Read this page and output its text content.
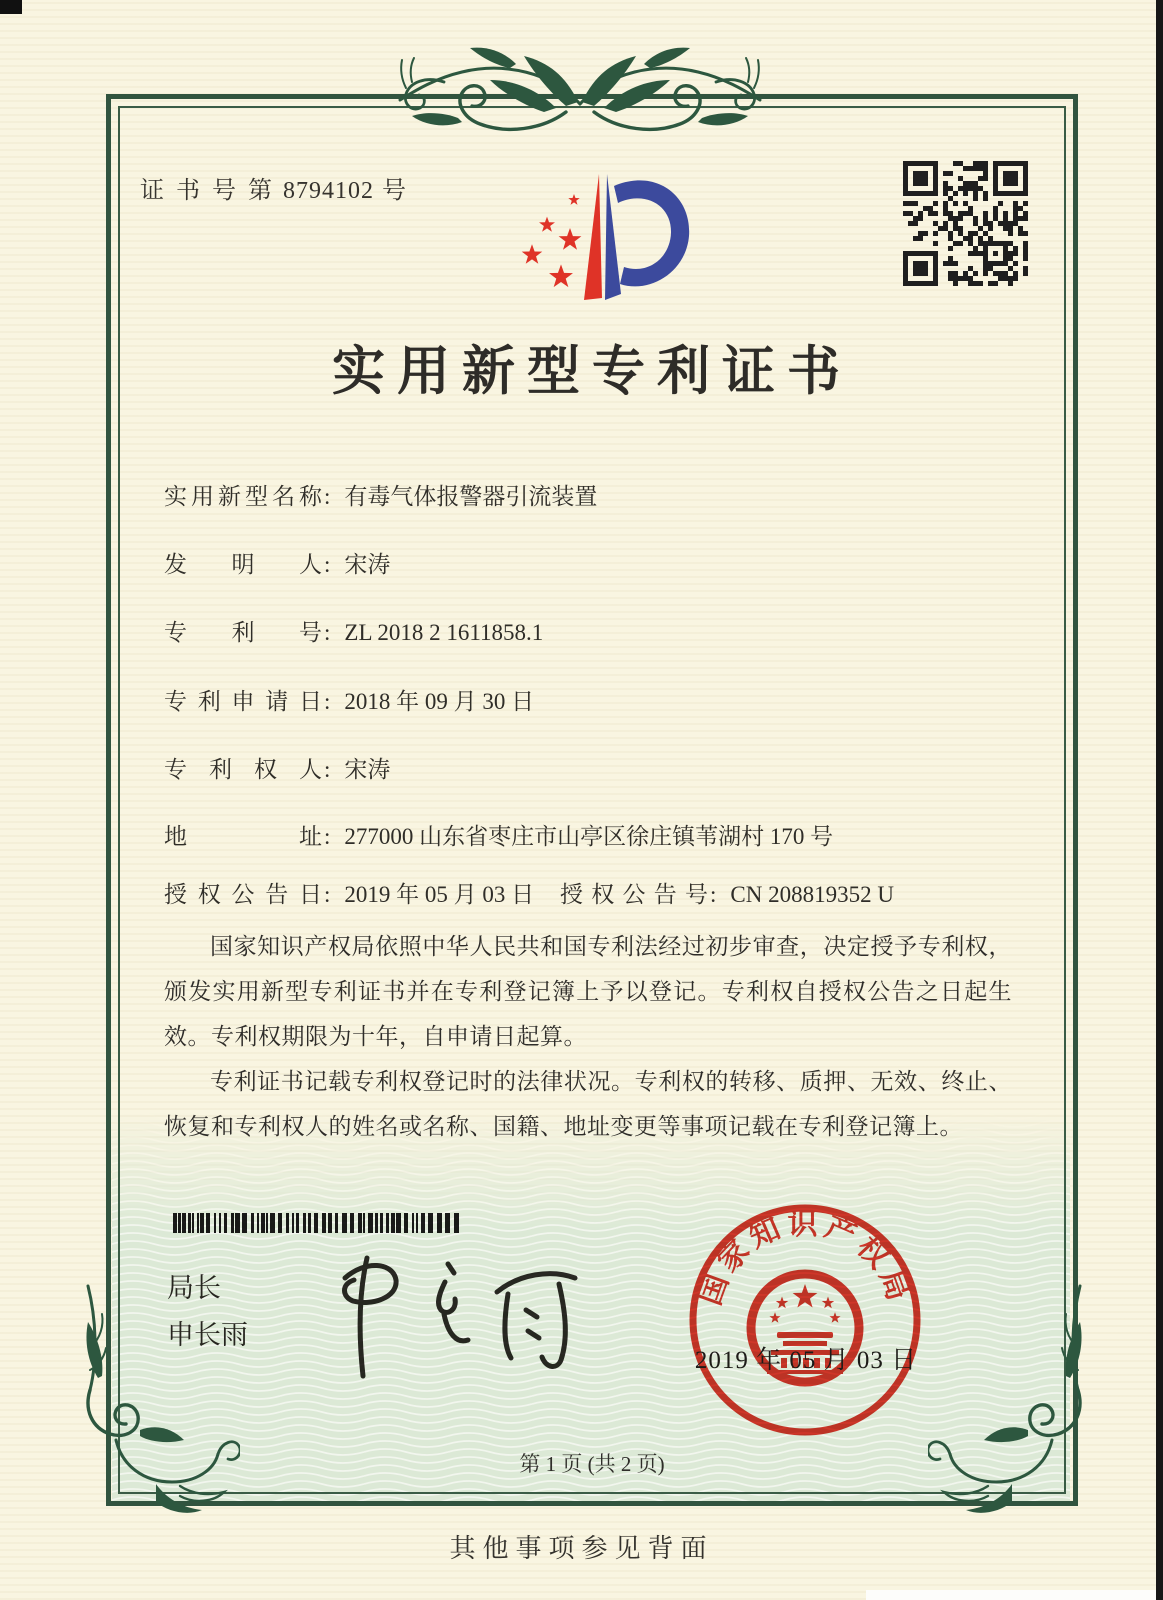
证 书 号 第 8794102 号
实用新型专利证书
实用新型名称: 有毒气体报警器引流装置
发明人: 宋涛
专利号: ZL 2018 2 1611858.1
专利申请日: 2018 年 09 月 30 日
专利权人: 宋涛
地址: 277000 山东省枣庄市山亭区徐庄镇苇湖村 170 号
授权公告日: 2019 年 05 月 03 日 授权公告号: CN 208819352 U

国家知识产权局依照中华人民共和国专利法经过初步审查，决定授予专利权，颁发实用新型专利证书并在专利登记簿上予以登记。专利权自授权公告之日起生效。专利权期限为十年，自申请日起算。

专利证书记载专利权登记时的法律状况。专利权的转移、质押、无效、终止、恢复和专利权人的姓名或名称、国籍、地址变更等事项记载在专利登记簿上。

局长
申长雨
国家知识产权局
2019 年 05 月 03 日
第 1 页 (共 2 页)
其他事项参见背面
